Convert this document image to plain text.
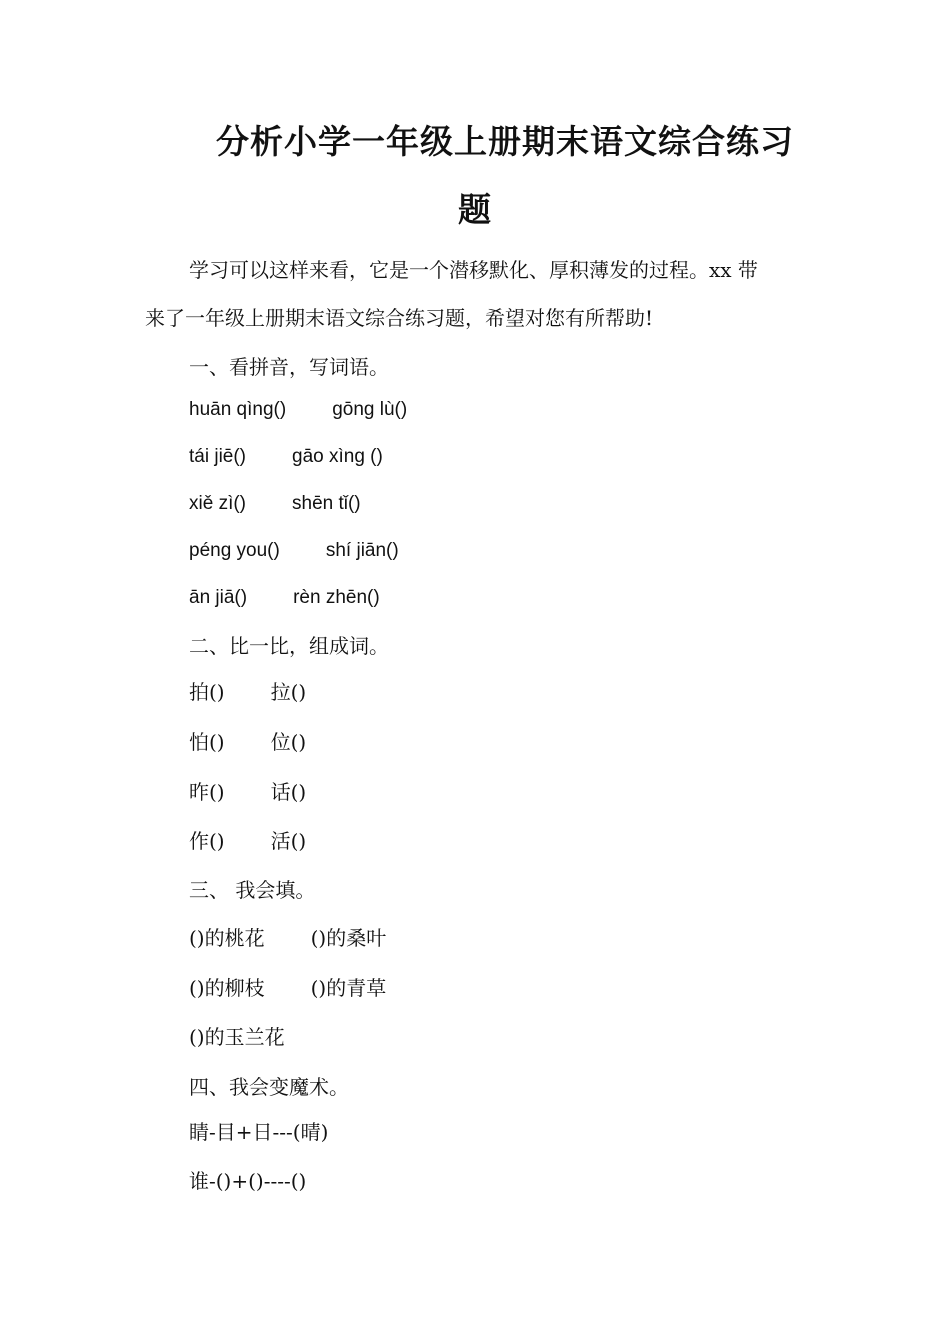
分析小学一年级上册期末语文综合练习
题
学习可以这样来看，它是一个潜移默化、厚积薄发的过程。xx 带
来了一年级上册期末语文综合练习题，希望对您有所帮助!
一、看拼音，写词语。
huān qìng() gōng lù()
tái jiē() gāo xìng ()
xiě zì() shēn tǐ()
péng you() shí jiān()
ān jiā() rèn zhēn()
二、比一比，组成词。
拍() 拉()
怕() 位()
昨() 话()
作() 活()
三、 我会填。
()的桃花 ()的桑叶
()的柳枝 ()的青草
()的玉兰花
四、我会变魔术。
睛-目+日---(晴)
谁-()+()----()
